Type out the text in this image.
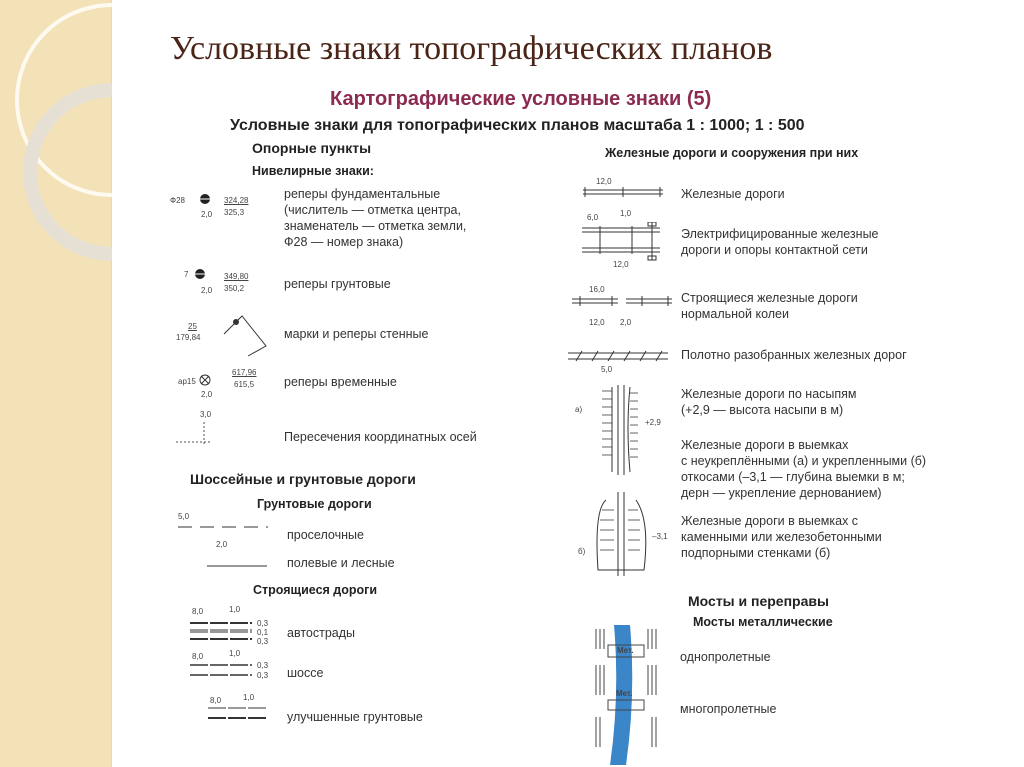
Условные знаки топографических планов
Картографические условные знаки (5)
Условные знаки для топографических планов масштаба 1 : 1000; 1 : 500
Опорные пункты
Нивелирные знаки:
реперы фундаментальные
(числитель — отметка центра,
знаменатель — отметка земли,
Ф28 — номер знака)
Ф28	324,28
325,3
2,0
реперы грунтовые
7	349,80
350,2
2,0
марки и реперы стенные
25
179,84
реперы временные
ар15
617,96
615,5
2,0
Пересечения координатных осей
3,0
Шоссейные и грунтовые дороги
Грунтовые дороги
проселочные
5,0
2,0
полевые и лесные
Строящиеся дороги
автострады
8,0	1,0
0,3
0,1
0,3
шоссе
8,0	1,0
0,3
0,3
улучшенные грунтовые
8,0	1,0
Железные дороги и сооружения при них
Железные дороги
12,0
Электрифицированные железные
дороги и опоры контактной сети
6,0	1,0
12,0
Строящиеся железные дороги
нормальной колеи
16,0
12,0 2,0
Полотно разобранных железных дорог
5,0
Железные дороги по насыпям
(+2,9 — высота насыпи в м)
а)
+2,9
Железные дороги в выемках
с неукреплёнными (а) и укрепленными (б)
откосами (–3,1 — глубина выемки в м;
дерн — укрепление дернованием)
Железные дороги в выемках с
каменными или железобетонными
подпорными стенками (б)
б)
–3,1
Мосты и переправы
Мосты металлические
однопролетные
многопролетные
Мет.
Мет.
